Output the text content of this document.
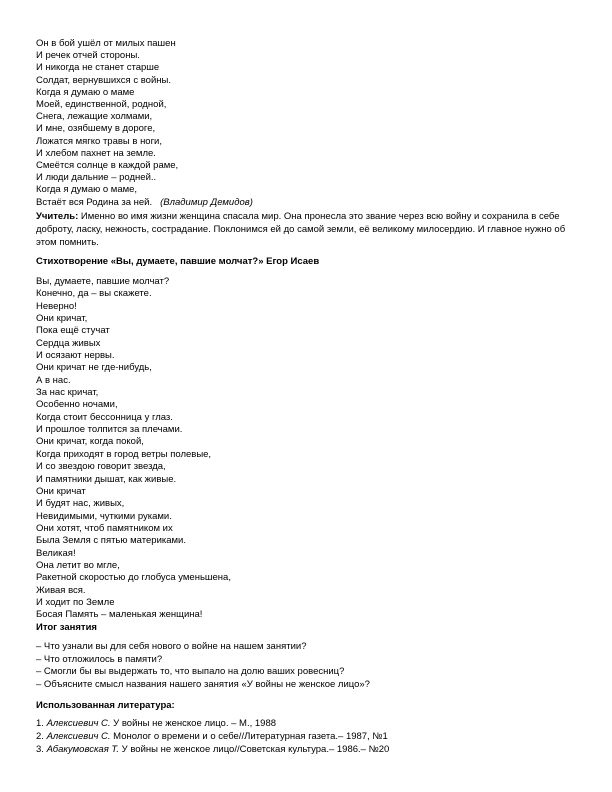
Он в бой ушёл от милых пашен
И речек отчей стороны.
И никогда не станет старше
Солдат, вернувшихся с войны.
Когда я думаю о маме
Моей, единственной, родной,
Снега, лежащие холмами,
И мне, озябшему в дороге,
Ложатся мягко травы в ноги,
И хлебом пахнет на земле.
Смеётся солнце в каждой раме,
И люди дальние – родней..
Когда я думаю о маме,
Встаёт вся Родина за ней. (Владимир Демидов)
Учитель: Именно во имя жизни женщина спасала мир. Она пронесла это звание через всю войну и сохранила в себе доброту, ласку, нежность, сострадание. Поклонимся ей до самой земли, её великому милосердию. И главное нужно об этом помнить.
Стихотворение «Вы, думаете, павшие молчат?» Егор Исаев
Вы, думаете, павшие молчат?
Конечно, да – вы скажете.
Неверно!
Они кричат,
Пока ещё стучат
Сердца живых
И осязают нервы.
Они кричат не где-нибудь,
А в нас.
За нас кричат,
Особенно ночами,
Когда стоит бессонница у глаз.
И прошлое толпится за плечами.
Они кричат, когда покой,
Когда приходят в город ветры полевые,
И со звездою говорит звезда,
И памятники дышат, как живые.
Они кричат
И будят нас, живых,
Невидимыми, чуткими руками.
Они хотят, чтоб памятником их
Была Земля с пятью материками.
Великая!
Она летит во мгле,
Ракетной скоростью до глобуса уменьшена,
Живая вся.
И ходит по Земле
Босая Память – маленькая женщина!
Итог занятия
– Что узнали вы для себя нового о войне на нашем занятии?
– Что отложилось в памяти?
– Смогли бы вы выдержать то, что выпало на долю ваших ровесниц?
– Объясните смысл названия нашего занятия «У войны не женское лицо»?
Использованная литература:
1. Алексиевич С. У войны не женское лицо. – М., 1988
2. Алексиевич С. Монолог о времени и о себе//Литературная газета.– 1987, №1
3. Абакумовская Т. У войны не женское лицо//Советская культура.– 1986.– №20
